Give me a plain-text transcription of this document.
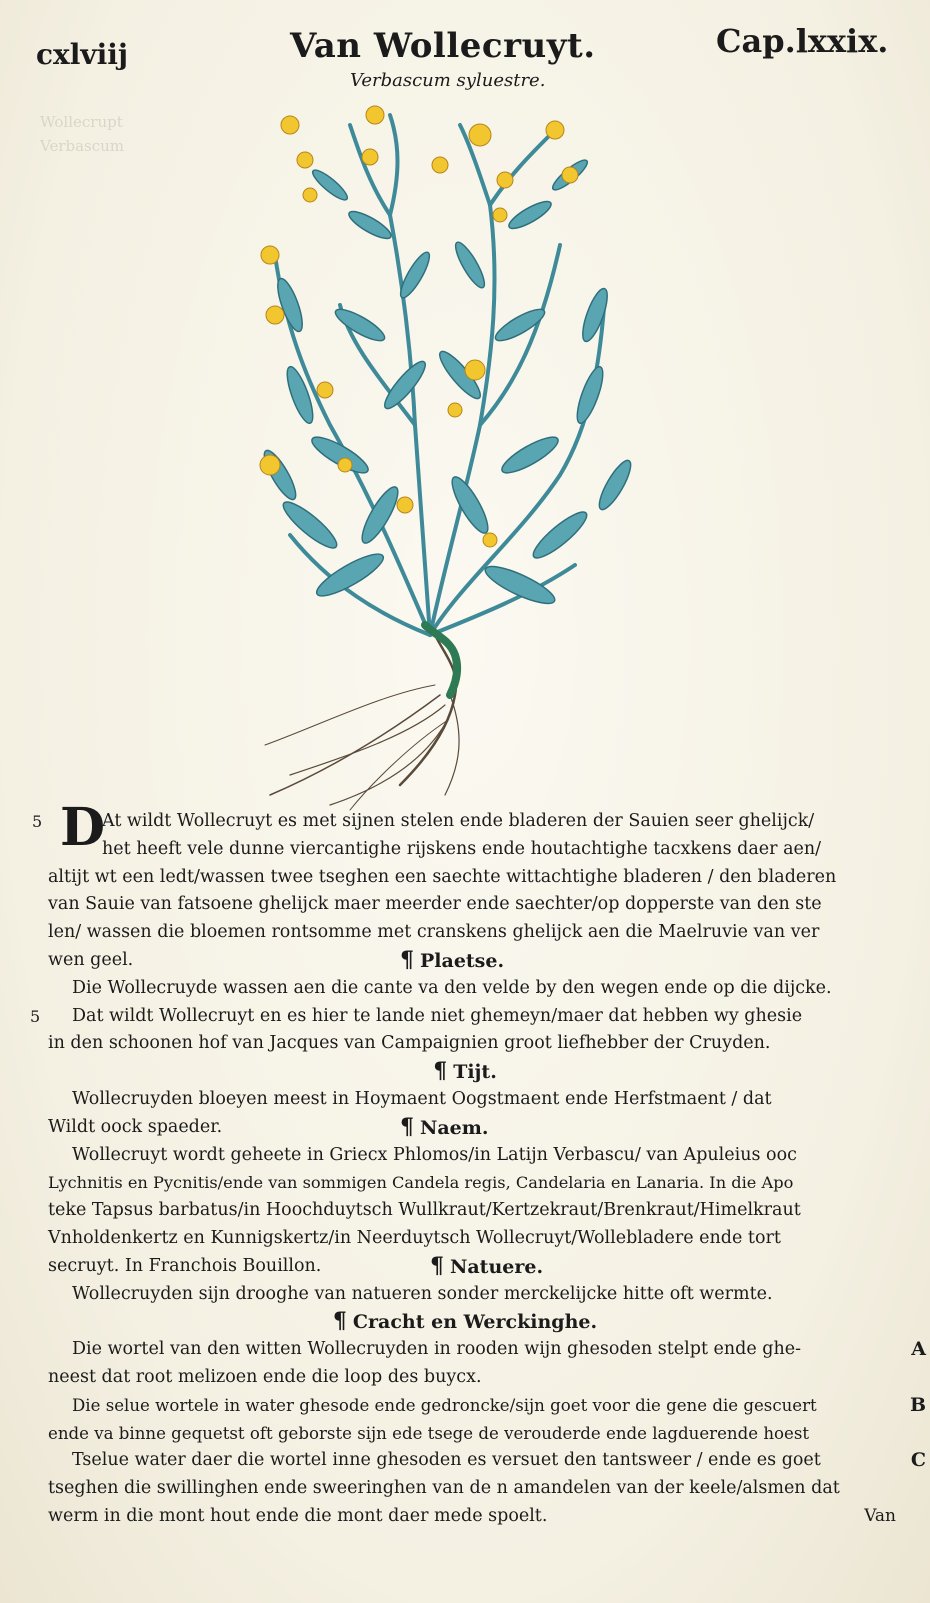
Wollecrupt
Verbascum
cxlviij	Van Wollecruyt.	Cap.lxxix.
Verbascum syluestre.
5 D
At wildt Wollecruyt es met sijnen stelen ende bladeren der Sauien seer ghelijck/
het heeft vele dunne viercantighe rijskens ende houtachtighe tacxkens daer aen/
altijt wt een ledt/wassen twee tseghen een saechte wittachtighe bladeren / den bladeren
van Sauie van fatsoene ghelijck maer meerder ende saechter/op dopperste van den ste
len/ wassen die bloemen rontsomme met cranskens ghelijck aen die Maelruvie van ver
wen geel.	¶ Plaetse.
Die Wollecruyde wassen aen die cante va den velde by den wegen ende op die dijcke.
5 Dat wildt Wollecruyt en es hier te lande niet ghemeyn/maer dat hebben wy ghesie
in den schoonen hof van Jacques van Campaignien groot liefhebber der Cruyden.
¶ Tijt.
Wollecruyden bloeyen meest in Hoymaent Oogstmaent ende Herfstmaent / dat
Wildt oock spaeder.	¶ Naem.
Wollecruyt wordt geheete in Griecx Phlomos/in Latijn Verbascu/ van Apuleius ooc
Lychnitis en Pycnitis/ende van sommigen Candela regis, Candelaria en Lanaria. In die Apo
teke Tapsus barbatus/in Hoochduytsch Wullkraut/Kertzekraut/Brenkraut/Himelkraut
Vnholdenkertz en Kunnigskertz/in Neerduytsch Wollecruyt/Wollebladere ende tort
secruyt. In Franchois Bouillon.	¶ Natuere.
Wollecruyden sijn drooghe van natueren sonder merckelijcke hitte oft wermte.
¶ Cracht en Werckinghe.
Die wortel van den witten Wollecruyden in rooden wijn ghesoden stelpt ende ghe-	A
neest dat root melizoen ende die loop des buycx.
Die selue wortele in water ghesode ende gedroncke/sijn goet voor die gene die gescuert	B
ende va binne gequetst oft geborste sijn ede tsege de verouderde ende lagduerende hoest
Tselue water daer die wortel inne ghesoden es versuet den tantsweer / ende es goet	C
tseghen die swillinghen ende sweeringhen van de n amandelen van der keele/alsmen dat
werm in die mont hout ende die mont daer mede spoelt.	Van
